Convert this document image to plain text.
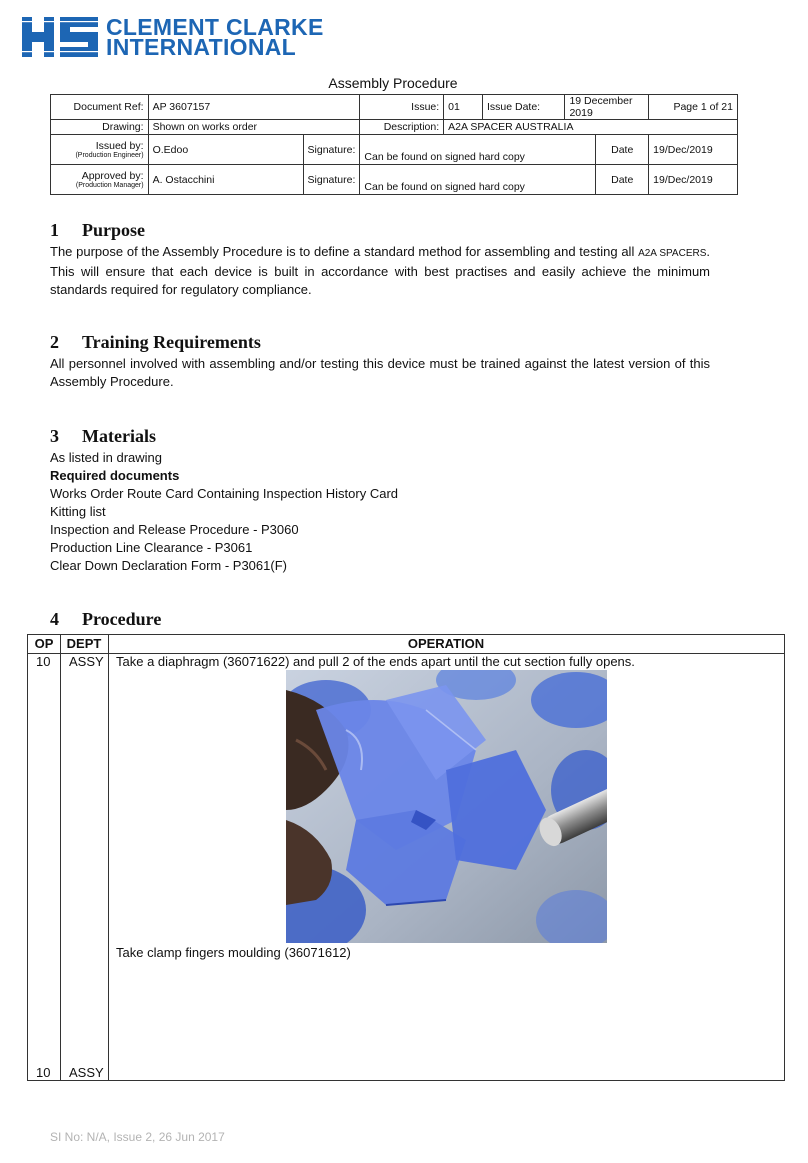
CLEMENT CLARKE
INTERNATIONAL
Assembly Procedure
Document Ref:	AP 3607157		Issue:	01	Issue Date:	19 December 2019		Page 1 of 21
Drawing:	Shown on works order		Description:	A2A SPACER AUSTRALIA				
Issued by:
(Production Engineer)	O.Edoo	Signature:	Can be found on signed hard copy				Date	19/Dec/2019
Approved by:
(Production Manager)	A. Ostacchini	Signature:	Can be found on signed hard copy				Date	19/Dec/2019
1 Purpose
The purpose of the Assembly Procedure is to define a standard method for assembling and testing all A2A SPACERS. This will ensure that each device is built in accordance with best practises and easily achieve the minimum standards required for regulatory compliance.
2 Training Requirements
All personnel involved with assembling and/or testing this device must be trained against the latest version of this Assembly Procedure.
3 Materials
As listed in drawing
Required documents
Works Order Route Card Containing Inspection History Card
Kitting list
Inspection and Release Procedure - P3060
Production Line Clearance - P3061
Clear Down Declaration Form - P3061(F)
4 Procedure
OP	DEPT	OPERATION
10 ASSY Take a diaphragm (36071622) and pull 2 of the ends apart until the cut section fully opens.
Take clamp fingers moulding (36071612)
10 ASSY
SI No: N/A, Issue 2, 26 Jun 2017
